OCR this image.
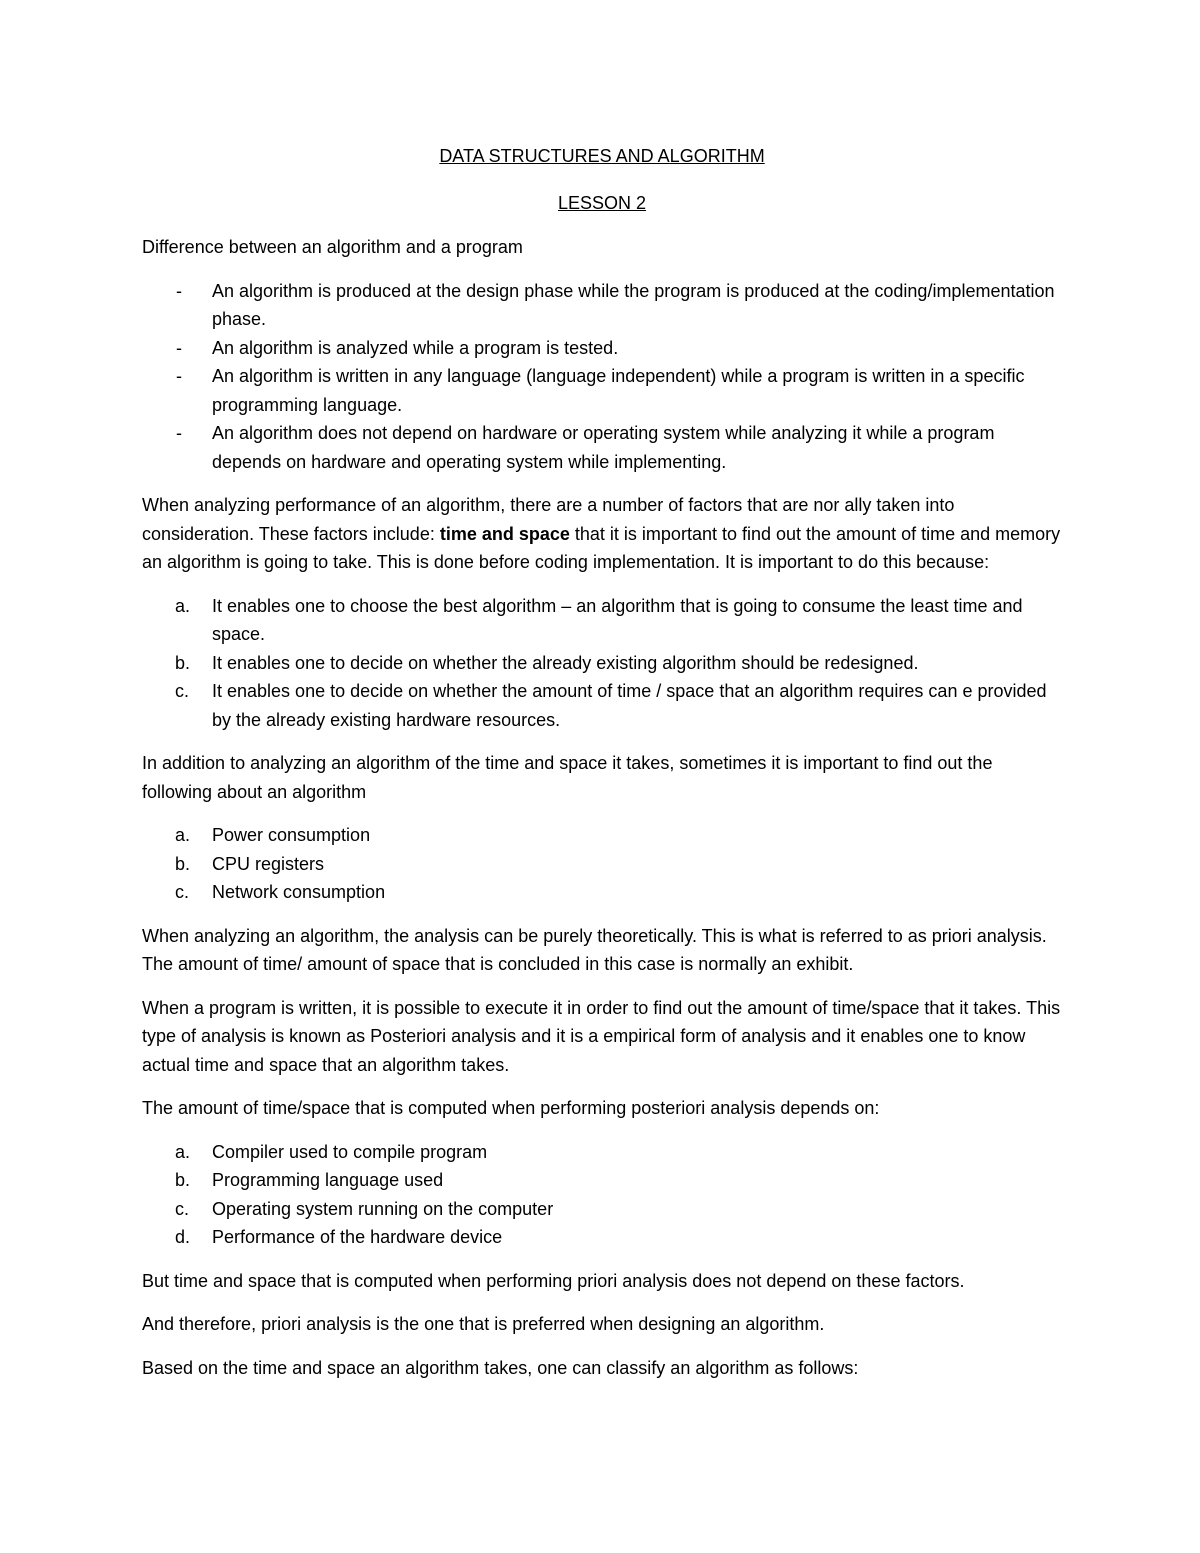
DATA STRUCTURES AND ALGORITHM

LESSON 2

Difference between an algorithm and a program

- An algorithm is produced at the design phase while the program is produced at the coding/implementation phase.
- An algorithm is analyzed while a program is tested.
- An algorithm is written in any language (language independent) while a program is written in a specific programming language.
- An algorithm does not depend on hardware or operating system while analyzing it while a program depends on hardware and operating system while implementing.

When analyzing performance of an algorithm, there are a number of factors that are nor ally taken into consideration. These factors include: time and space that it is important to find out the amount of time and memory an algorithm is going to take. This is done before coding implementation. It is important to do this because:

a. It enables one to choose the best algorithm – an algorithm that is going to consume the least time and space.
b. It enables one to decide on whether the already existing algorithm should be redesigned.
c. It enables one to decide on whether the amount of time / space that an algorithm requires can e provided by the already existing hardware resources.

In addition to analyzing an algorithm of the time and space it takes, sometimes it is important to find out the following about an algorithm

a. Power consumption
b. CPU registers
c. Network consumption

When analyzing an algorithm, the analysis can be purely theoretically. This is what is referred to as priori analysis. The amount of time/ amount of space that is concluded in this case is normally an exhibit.

When a program is written, it is possible to execute it in order to find out the amount of time/space that it takes. This type of analysis is known as Posteriori analysis and it is a empirical form of analysis and it enables one to know actual time and space that an algorithm takes.

The amount of time/space that is computed when performing posteriori analysis depends on:

a. Compiler used to compile program
b. Programming language used
c. Operating system running on the computer
d. Performance of the hardware device

But time and space that is computed when performing priori analysis does not depend on these factors.

And therefore, priori analysis is the one that is preferred when designing an algorithm.

Based on the time and space an algorithm takes, one can classify an algorithm as follows:
